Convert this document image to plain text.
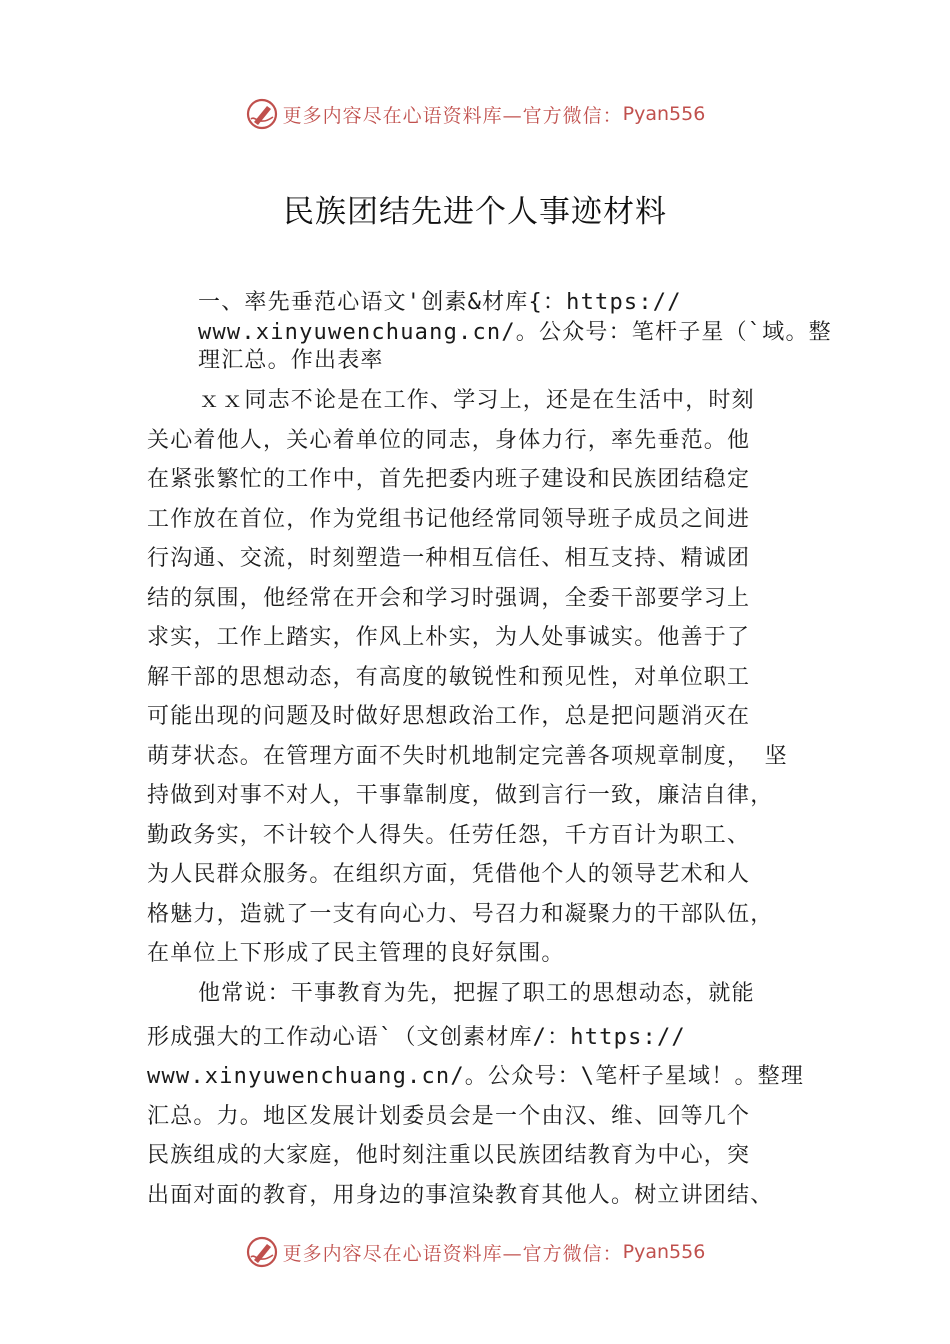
更多内容尽在心语资料库—官方微信： Pyan556
民族团结先进个人事迹材料
一、率先垂范心语文'创素&材库{：https://
www.xinyuwenchuang.cn/。公众号：笔杆子星（`域。整
理汇总。作出表率
ｘｘ同志不论是在工作、学习上，还是在生活中，时刻
关心着他人，关心着单位的同志，身体力行，率先垂范。他
在紧张繁忙的工作中，首先把委内班子建设和民族团结稳定
工作放在首位，作为党组书记他经常同领导班子成员之间进
行沟通、交流，时刻塑造一种相互信任、相互支持、精诚团
结的氛围，他经常在开会和学习时强调，全委干部要学习上
求实，工作上踏实，作风上朴实，为人处事诚实。他善于了
解干部的思想动态，有高度的敏锐性和预见性，对单位职工
可能出现的问题及时做好思想政治工作，总是把问题消灭在
萌芽状态。在管理方面不失时机地制定完善各项规章制度， 坚
持做到对事不对人，干事靠制度，做到言行一致，廉洁自律，
勤政务实，不计较个人得失。任劳任怨，千方百计为职工、
为人民群众服务。在组织方面，凭借他个人的领导艺术和人
格魅力，造就了一支有向心力、号召力和凝聚力的干部队伍，
在单位上下形成了民主管理的良好氛围。
他常说：干事教育为先，把握了职工的思想动态，就能
形成强大的工作动心语`（文创素材库/：https://
www.xinyuwenchuang.cn/。公众号：\笔杆子星域！。整理
汇总。力。地区发展计划委员会是一个由汉、维、回等几个
民族组成的大家庭，他时刻注重以民族团结教育为中心，突
出面对面的教育，用身边的事渲染教育其他人。树立讲团结、
更多内容尽在心语资料库—官方微信： Pyan556
